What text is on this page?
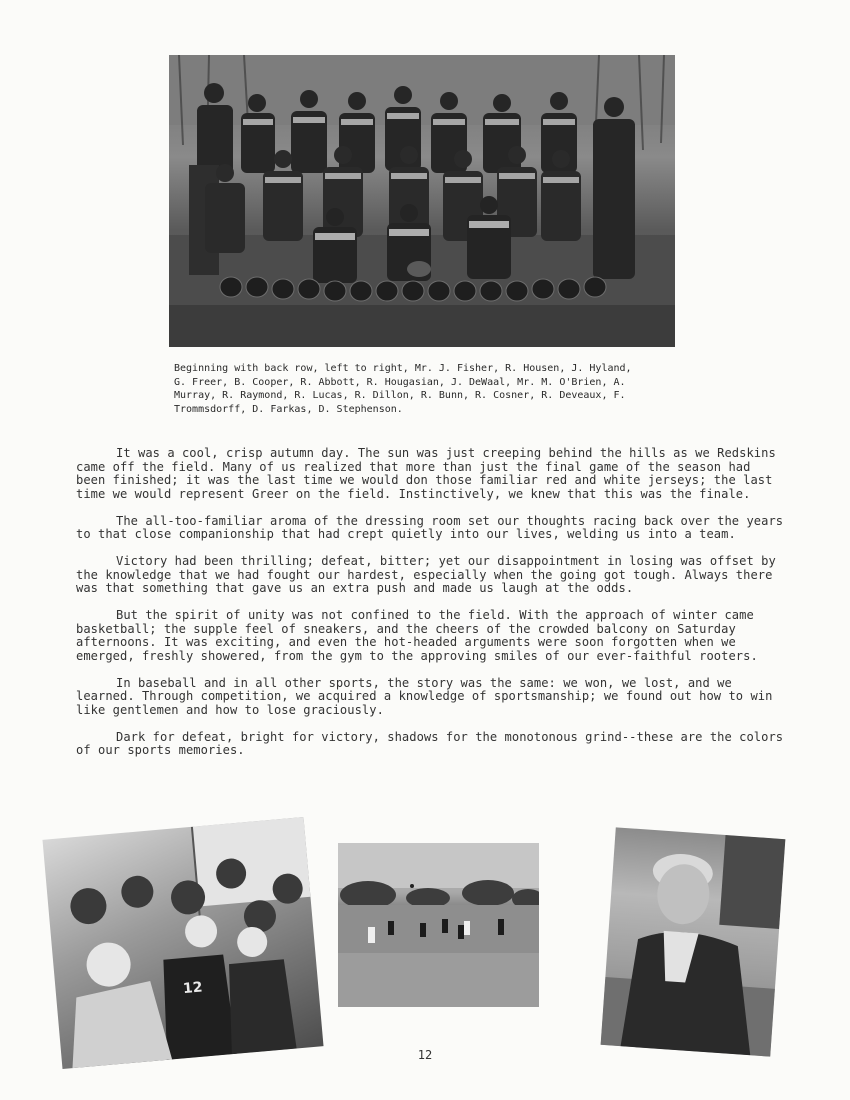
Beginning with back row, left to right, Mr. J. Fisher, R. Housen, J. Hyland,
G. Freer, B. Cooper, R. Abbott, R. Hougasian, J. DeWaal, Mr. M. O'Brien, A.
Murray, R. Raymond, R. Lucas, R. Dillon, R. Bunn, R. Cosner, R. Deveaux, F.
Trommsdorff, D. Farkas, D. Stephenson.

It was a cool, crisp autumn day. The sun was just creeping behind the hills as we Redskins came off the field. Many of us realized that more than just the final game of the season had been finished; it was the last time we would don those familiar red and white jerseys; the last time we would represent Greer on the field. Instinctively, we knew that this was the finale.

The all-too-familiar aroma of the dressing room set our thoughts racing back over the years to that close companionship that had crept quietly into our lives, welding us into a team.

Victory had been thrilling; defeat, bitter; yet our disappointment in losing was offset by the knowledge that we had fought our hardest, especially when the going got tough. Always there was that something that gave us an extra push and made us laugh at the odds.

But the spirit of unity was not confined to the field. With the approach of winter came basketball; the supple feel of sneakers, and the cheers of the crowded balcony on Saturday afternoons. It was exciting, and even the hot-headed arguments were soon forgotten when we emerged, freshly showered, from the gym to the approving smiles of our ever-faithful rooters.

In baseball and in all other sports, the story was the same: we won, we lost, and we learned. Through competition, we acquired a knowledge of sportsmanship; we found out how to win like gentlemen and how to lose graciously.

Dark for defeat, bright for victory, shadows for the monotonous grind--these are the colors of our sports memories.

12
12
